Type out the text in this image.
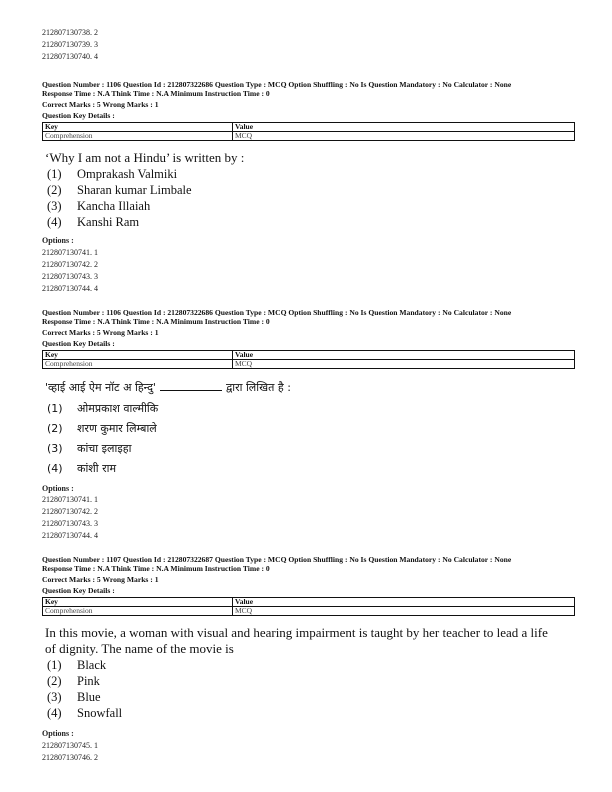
212807130738. 2
212807130739. 3
212807130740. 4
Question Number : 1106 Question Id : 212807322686 Question Type : MCQ Option Shuffling : No Is Question Mandatory : No Calculator : None
Response Time : N.A Think Time : N.A Minimum Instruction Time : 0
Correct Marks : 5 Wrong Marks : 1
Question Key Details :
Key	Value
Comprehension	MCQ
‘Why I am not a Hindu’ is written by :
(1) Omprakash Valmiki
(2) Sharan kumar Limbale
(3) Kancha Illaiah
(4) Kanshi Ram
Options :
212807130741. 1
212807130742. 2
212807130743. 3
212807130744. 4
Question Number : 1106 Question Id : 212807322686 Question Type : MCQ Option Shuffling : No Is Question Mandatory : No Calculator : None
Response Time : N.A Think Time : N.A Minimum Instruction Time : 0
Correct Marks : 5 Wrong Marks : 1
Question Key Details :
Key	Value
Comprehension	MCQ
'व्हाई आई ऐम नॉट अ हिन्दु'	द्वारा लिखित है :
(1) ओमप्रकाश वाल्मीकि
(2) शरण कुमार लिम्बाले
(3) कांचा इलाइहा
(4) कांशी राम
Options :
212807130741. 1
212807130742. 2
212807130743. 3
212807130744. 4
Question Number : 1107 Question Id : 212807322687 Question Type : MCQ Option Shuffling : No Is Question Mandatory : No Calculator : None
Response Time : N.A Think Time : N.A Minimum Instruction Time : 0
Correct Marks : 5 Wrong Marks : 1
Question Key Details :
Key	Value
Comprehension	MCQ
In this movie, a woman with visual and hearing impairment is taught by her teacher to lead a life
of dignity. The name of the movie is
(1) Black
(2) Pink
(3) Blue
(4) Snowfall
Options :
212807130745. 1
212807130746. 2
